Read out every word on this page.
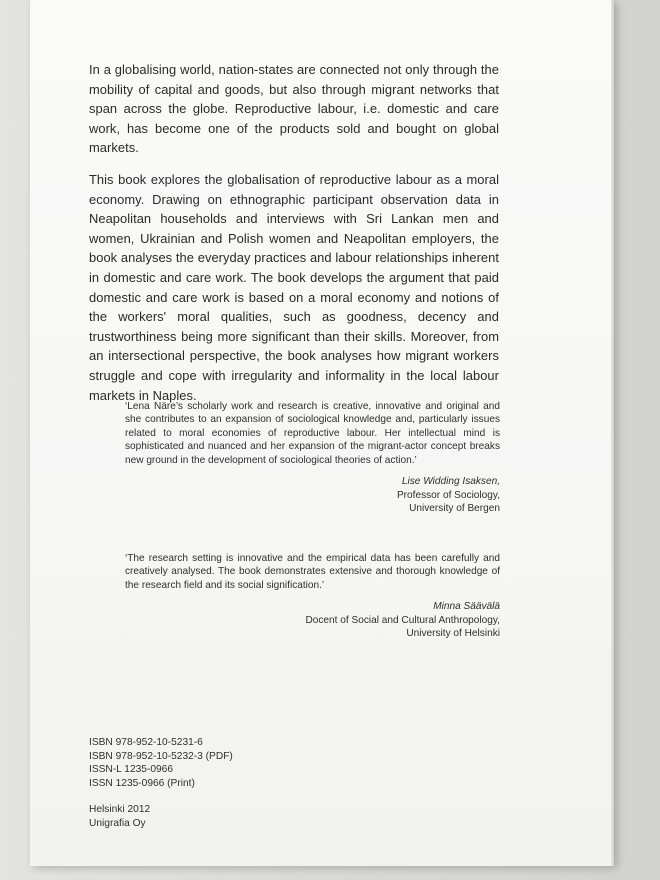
In a globalising world, nation-states are connected not only through the mobility of capital and goods, but also through migrant networks that span across the globe. Reproductive labour, i.e. domestic and care work, has become one of the products sold and bought on global markets.

This book explores the globalisation of reproductive labour as a moral economy. Drawing on ethnographic participant observation data in Neapolitan households and interviews with Sri Lankan men and women, Ukrainian and Polish women and Neapolitan employers, the book analyses the everyday practices and labour relationships inherent in domestic and care work. The book develops the argument that paid domestic and care work is based on a moral economy and notions of the workers' moral qualities, such as goodness, decency and trustworthiness being more significant than their skills. Moreover, from an intersectional perspective, the book analyses how migrant workers struggle and cope with irregularity and informality in the local labour markets in Naples.

‘Lena Näre’s scholarly work and research is creative, innovative and original and she contributes to an expansion of sociological knowledge and, particularly issues related to moral economies of reproductive labour. Her intellectual mind is sophisticated and nuanced and her expansion of the migrant-actor concept breaks new ground in the development of sociological theories of action.’

Lise Widding Isaksen,
Professor of Sociology,
University of Bergen

‘The research setting is innovative and the empirical data has been carefully and creatively analysed. The book demonstrates extensive and thorough knowledge of the research field and its social signification.’

Minna Säävälä
Docent of Social and Cultural Anthropology,
University of Helsinki
ISBN 978-952-10-5231-6
ISBN 978-952-10-5232-3 (PDF)
ISSN-L 1235-0966
ISSN 1235-0966 (Print)
Helsinki 2012
Unigrafia Oy
